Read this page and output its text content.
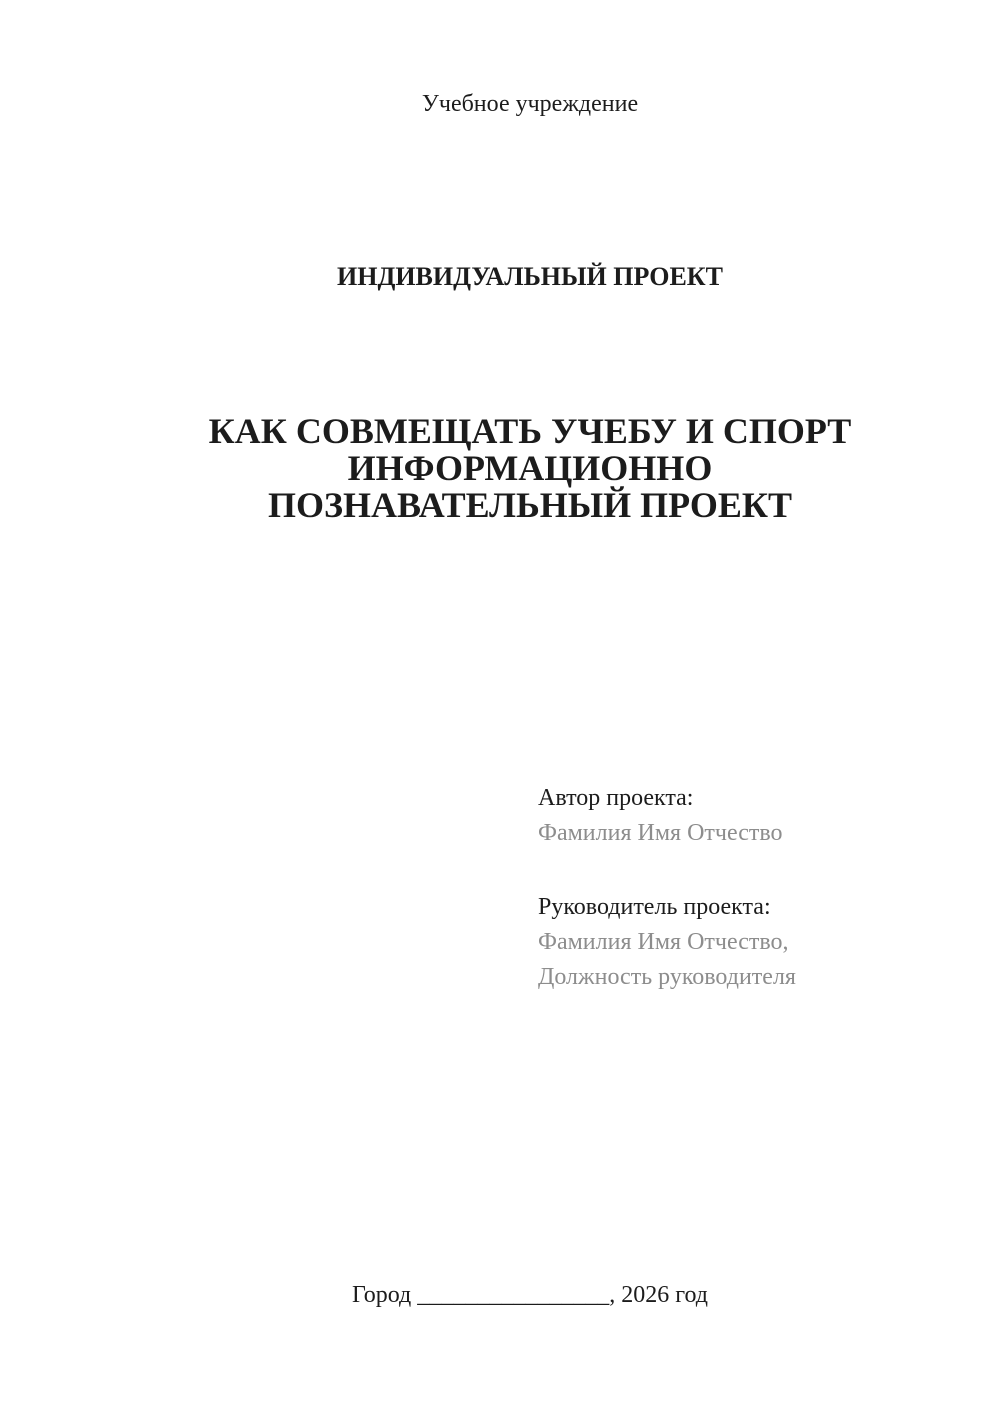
Учебное учреждение
ИНДИВИДУАЛЬНЫЙ ПРОЕКТ
КАК СОВМЕЩАТЬ УЧЕБУ И СПОРТ
ИНФОРМАЦИОННО
ПОЗНАВАТЕЛЬНЫЙ ПРОЕКТ
Автор проекта:
Фамилия Имя Отчество
Руководитель проекта:
Фамилия Имя Отчество,
Должность руководителя
Город ________________, 2026 год
